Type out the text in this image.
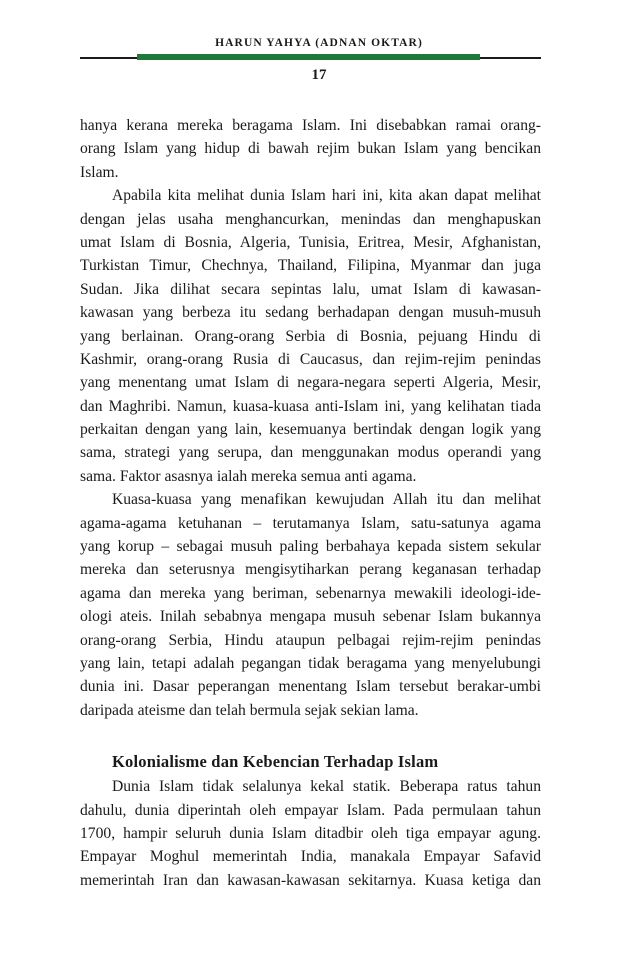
HARUN YAHYA (ADNAN OKTAR)
17
hanya kerana mereka beragama Islam. Ini disebabkan ramai orang-
orang Islam yang hidup di bawah rejim bukan Islam yang bencikan
Islam.
Apabila kita melihat dunia Islam hari ini, kita akan dapat melihat
dengan jelas usaha menghancurkan, menindas dan menghapuskan
umat Islam di Bosnia, Algeria, Tunisia, Eritrea, Mesir, Afghanistan,
Turkistan Timur, Chechnya, Thailand, Filipina, Myanmar dan juga
Sudan. Jika dilihat secara sepintas lalu, umat Islam di kawasan-
kawasan yang berbeza itu sedang berhadapan dengan musuh-musuh
yang berlainan. Orang-orang Serbia di Bosnia, pejuang Hindu di
Kashmir, orang-orang Rusia di Caucasus, dan rejim-rejim penindas
yang menentang umat Islam di negara-negara seperti Algeria, Mesir,
dan Maghribi. Namun, kuasa-kuasa anti-Islam ini, yang kelihatan tiada
perkaitan dengan yang lain, kesemuanya bertindak dengan logik yang
sama, strategi yang serupa, dan menggunakan modus operandi yang
sama. Faktor asasnya ialah mereka semua anti agama.
Kuasa-kuasa yang menafikan kewujudan Allah itu dan melihat
agama-agama ketuhanan – terutamanya Islam, satu-satunya agama
yang korup – sebagai musuh paling berbahaya kepada sistem sekular
mereka dan seterusnya mengisytiharkan perang keganasan terhadap
agama dan mereka yang beriman, sebenarnya mewakili ideologi-ide-
ologi ateis. Inilah sebabnya mengapa musuh sebenar Islam bukannya
orang-orang Serbia, Hindu ataupun pelbagai rejim-rejim penindas
yang lain, tetapi adalah pegangan tidak beragama yang menyelubungi
dunia ini. Dasar peperangan menentang Islam tersebut berakar-umbi
daripada ateisme dan telah bermula sejak sekian lama.
Kolonialisme dan Kebencian Terhadap Islam
Dunia Islam tidak selalunya kekal statik. Beberapa ratus tahun
dahulu, dunia diperintah oleh empayar Islam. Pada permulaan tahun
1700, hampir seluruh dunia Islam ditadbir oleh tiga empayar agung.
Empayar Moghul memerintah India, manakala Empayar Safavid
memerintah Iran dan kawasan-kawasan sekitarnya. Kuasa ketiga dan
